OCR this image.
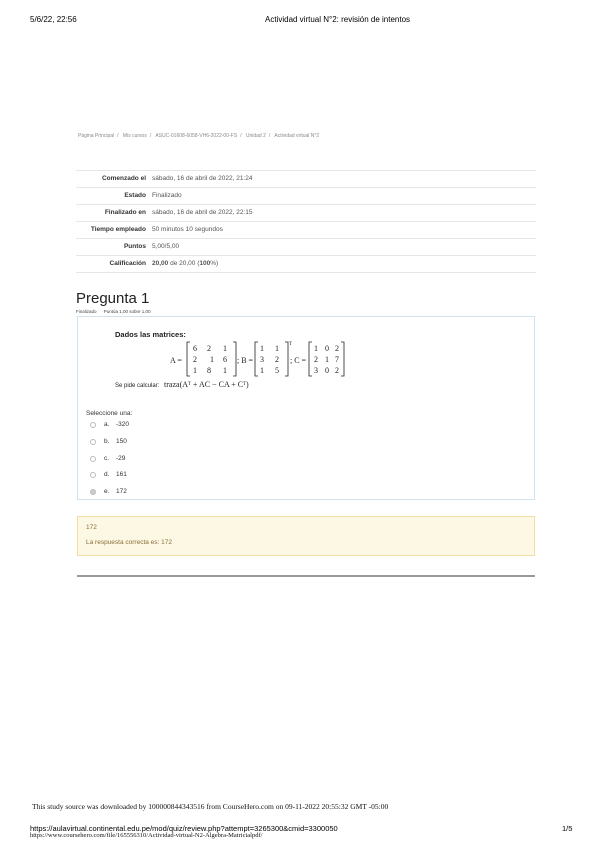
5/6/22, 22:56	Actividad virtual N°2: revisión de intentos
Página Principal / Mis cursos / ASUC-01608-6058-VH6-2022-00-FS / Unidad 2 / Actividad virtual N°2
Comenzado el sábado, 16 de abril de 2022, 21:24
Estado Finalizado
Finalizado en sábado, 16 de abril de 2022, 22:15
Tiempo empleado 50 minutos 10 segundos
Puntos 5,00/5,00
Calificación 20,00 de 20,00 (100%)
Pregunta 1
Finalizado Puntúa 1,00 sobre 1,00
Dados las matrices:
A =
6 2 1
2 1 6
1 8 1
; B =
1 1
3 2
1 5
T
; C =
1 0 2
2 1 7
3 0 2
Se pide calcular: traza(Aᵀ + AC − CA + Cᵀ)
Seleccione una:
a.	-320
b.	150
c.	-29
d.	161
e.	172
172
La respuesta correcta es: 172
This study source was downloaded by 100000844343516 from CourseHero.com on 09-11-2022 20:55:32 GMT -05:00
https://aulavirtual.continental.edu.pe/mod/quiz/review.php?attempt=3265300&cmid=3300050	1/5
https://www.coursehero.com/file/165556310/Actividad-virtual-N2-Algebra-Matricialpdf/
